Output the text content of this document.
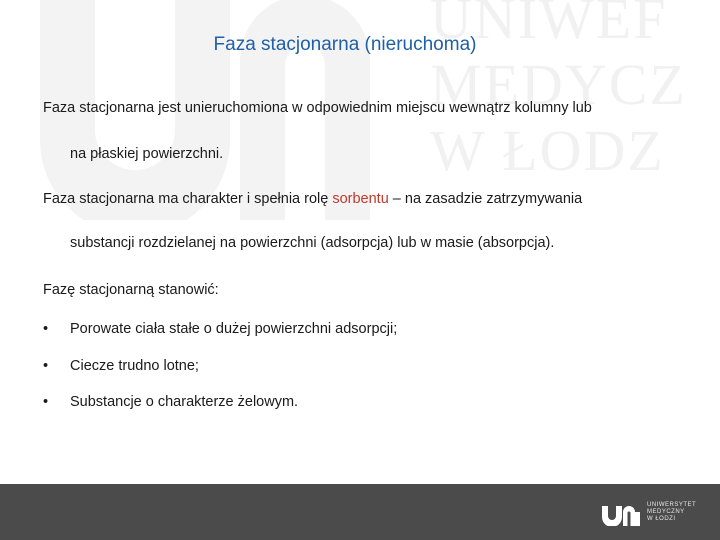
UNIWEF
MEDYCZ
W ŁODZ
Faza stacjonarna (nieruchoma)
Faza stacjonarna jest unieruchomiona w odpowiednim miejscu wewnątrz kolumny lub
na płaskiej powierzchni.
Faza stacjonarna ma charakter i spełnia rolę sorbentu – na zasadzie zatrzymywania
substancji rozdzielanej na powierzchni (adsorpcja) lub w masie (absorpcja).
Fazę stacjonarną stanowić:
• Porowate ciała stałe o dużej powierzchni adsorpcji;
• Ciecze trudno lotne;
• Substancje o charakterze żelowym.
UNIWERSYTET
MEDYCZNY
W ŁODZI
